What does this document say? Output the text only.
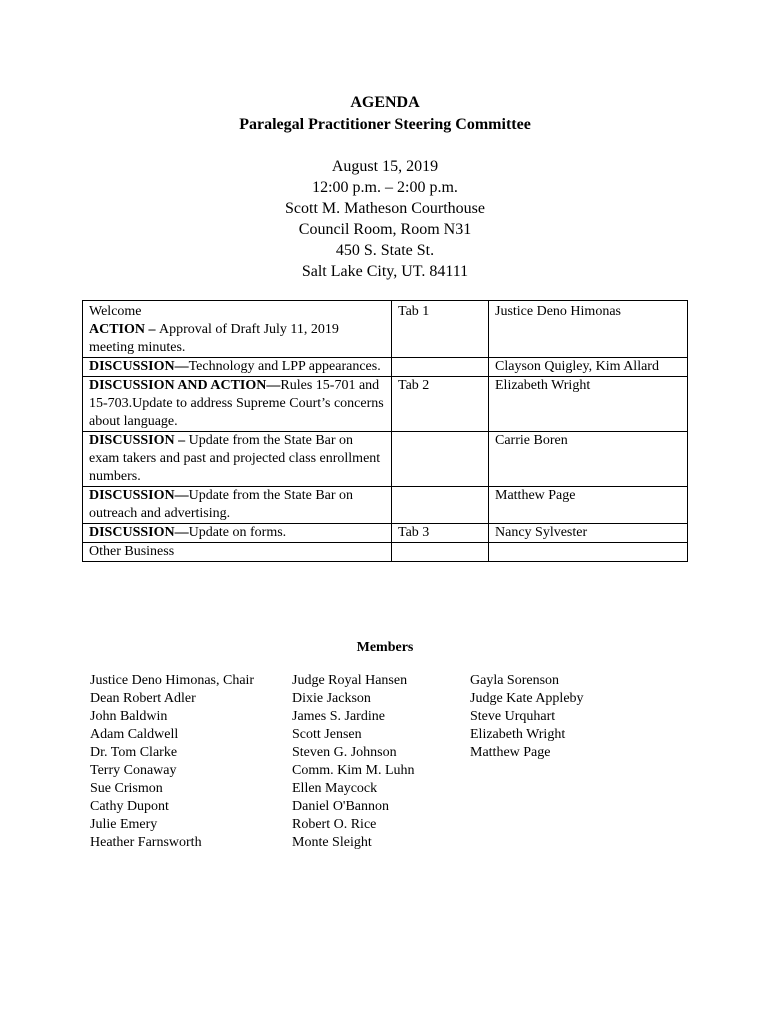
AGENDA
Paralegal Practitioner Steering Committee
August 15, 2019
12:00 p.m. – 2:00 p.m.
Scott M. Matheson Courthouse
Council Room, Room N31
450 S. State St.
Salt Lake City, UT. 84111
Welcome
ACTION – Approval of Draft July 11, 2019 meeting minutes.	Tab 1	Justice Deno Himonas

DISCUSSION—Technology and LPP appearances.		Clayson Quigley, Kim Allard

DISCUSSION AND ACTION—Rules 15-701 and 15-703.Update to address Supreme Court’s concerns about language.	Tab 2	Elizabeth Wright

DISCUSSION – Update from the State Bar on exam takers and past and projected class enrollment numbers.		Carrie Boren

DISCUSSION—Update from the State Bar on outreach and advertising.		Matthew Page

DISCUSSION—Update on forms.	Tab 3	Nancy Sylvester

Other Business		

Members
Justice Deno Himonas, Chair
Dean Robert Adler
John Baldwin
Adam Caldwell
Dr. Tom Clarke
Terry Conaway
Sue Crismon
Cathy Dupont
Julie Emery
Heather Farnsworth
Judge Royal Hansen
Dixie Jackson
James S. Jardine
Scott Jensen
Steven G. Johnson
Comm. Kim M. Luhn
Ellen Maycock
Daniel O'Bannon
Robert O. Rice
Monte Sleight
Gayla Sorenson
Judge Kate Appleby
Steve Urquhart
Elizabeth Wright
Matthew Page
